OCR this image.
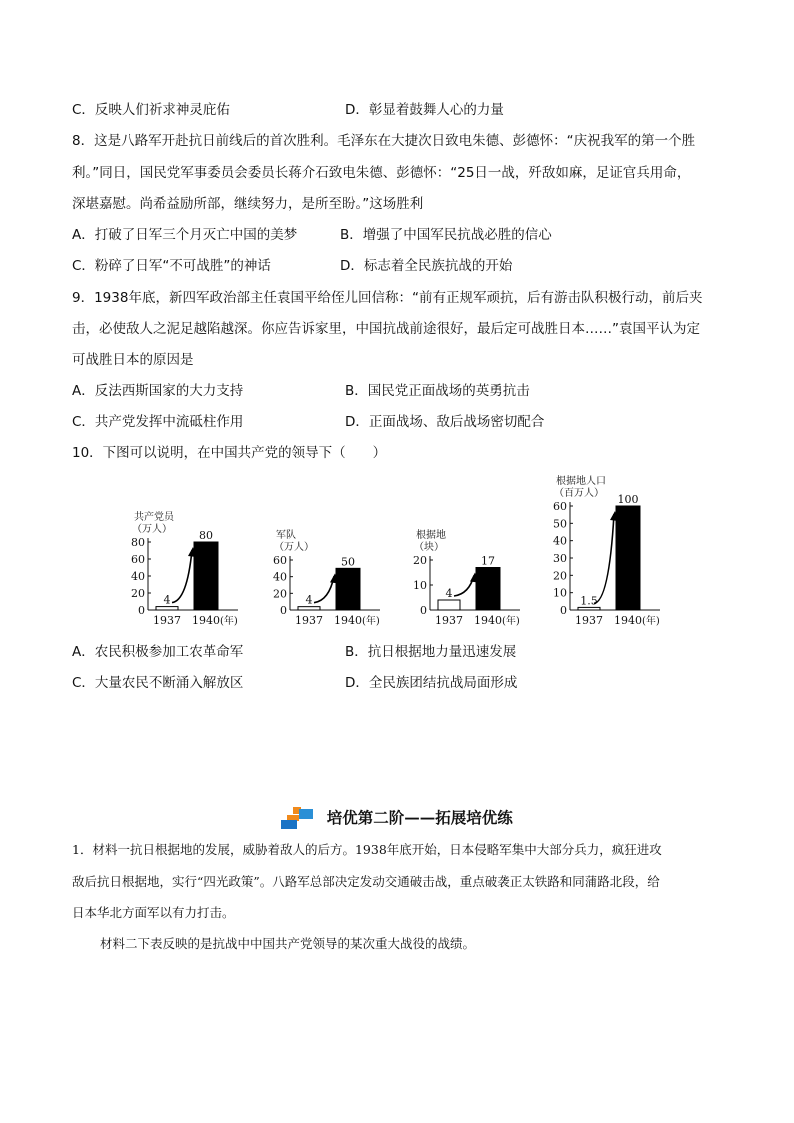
C．反映人们祈求神灵庇佑	D．彰显着鼓舞人心的力量
8．这是八路军开赴抗日前线后的首次胜利。毛泽东在大捷次日致电朱德、彭德怀：“庆祝我军的第一个胜
利。”同日，国民党军事委员会委员长蒋介石致电朱德、彭德怀：“25日一战，歼敌如麻，足证官兵用命，
深堪嘉慰。尚希益励所部，继续努力，是所至盼。”这场胜利
A．打破了日军三个月灭亡中国的美梦	B．增强了中国军民抗战必胜的信心
C．粉碎了日军“不可战胜”的神话	D．标志着全民族抗战的开始
9．1938年底，新四军政治部主任袁国平给侄儿回信称：“前有正规军顽抗，后有游击队积极行动，前后夹
击，必使敌人之泥足越陷越深。你应告诉家里，中国抗战前途很好，最后定可战胜日本……”袁国平认为定
可战胜日本的原因是
A．反法西斯国家的大力支持	B．国民党正面战场的英勇抗击
C．共产党发挥中流砥柱作用	D．正面战场、敌后战场密切配合
10．下图可以说明，在中国共产党的领导下（　　）
共产党员
（万人）
0
20
40
60
80
4
1937
80
1940 (年)
军队
（万人）
0
20
40
60
4
1937
50
1940 (年)
根据地
（块）
0
10
20
4
1937
17
1940 (年)
根据地人口
（百万人）
0
10
20
30
40
50
60
1.5
1937
100
1940 (年)
A．农民积极参加工农革命军	B．抗日根据地力量迅速发展
C．大量农民不断涌入解放区	D．全民族团结抗战局面形成
培优第二阶——拓展培优练
1．材料一抗日根据地的发展，威胁着敌人的后方。1938年底开始，日本侵略军集中大部分兵力，疯狂进攻
敌后抗日根据地，实行“四光政策”。八路军总部决定发动交通破击战，重点破袭正太铁路和同蒲路北段，给
日本华北方面军以有力打击。
材料二下表反映的是抗战中中国共产党领导的某次重大战役的战绩。
